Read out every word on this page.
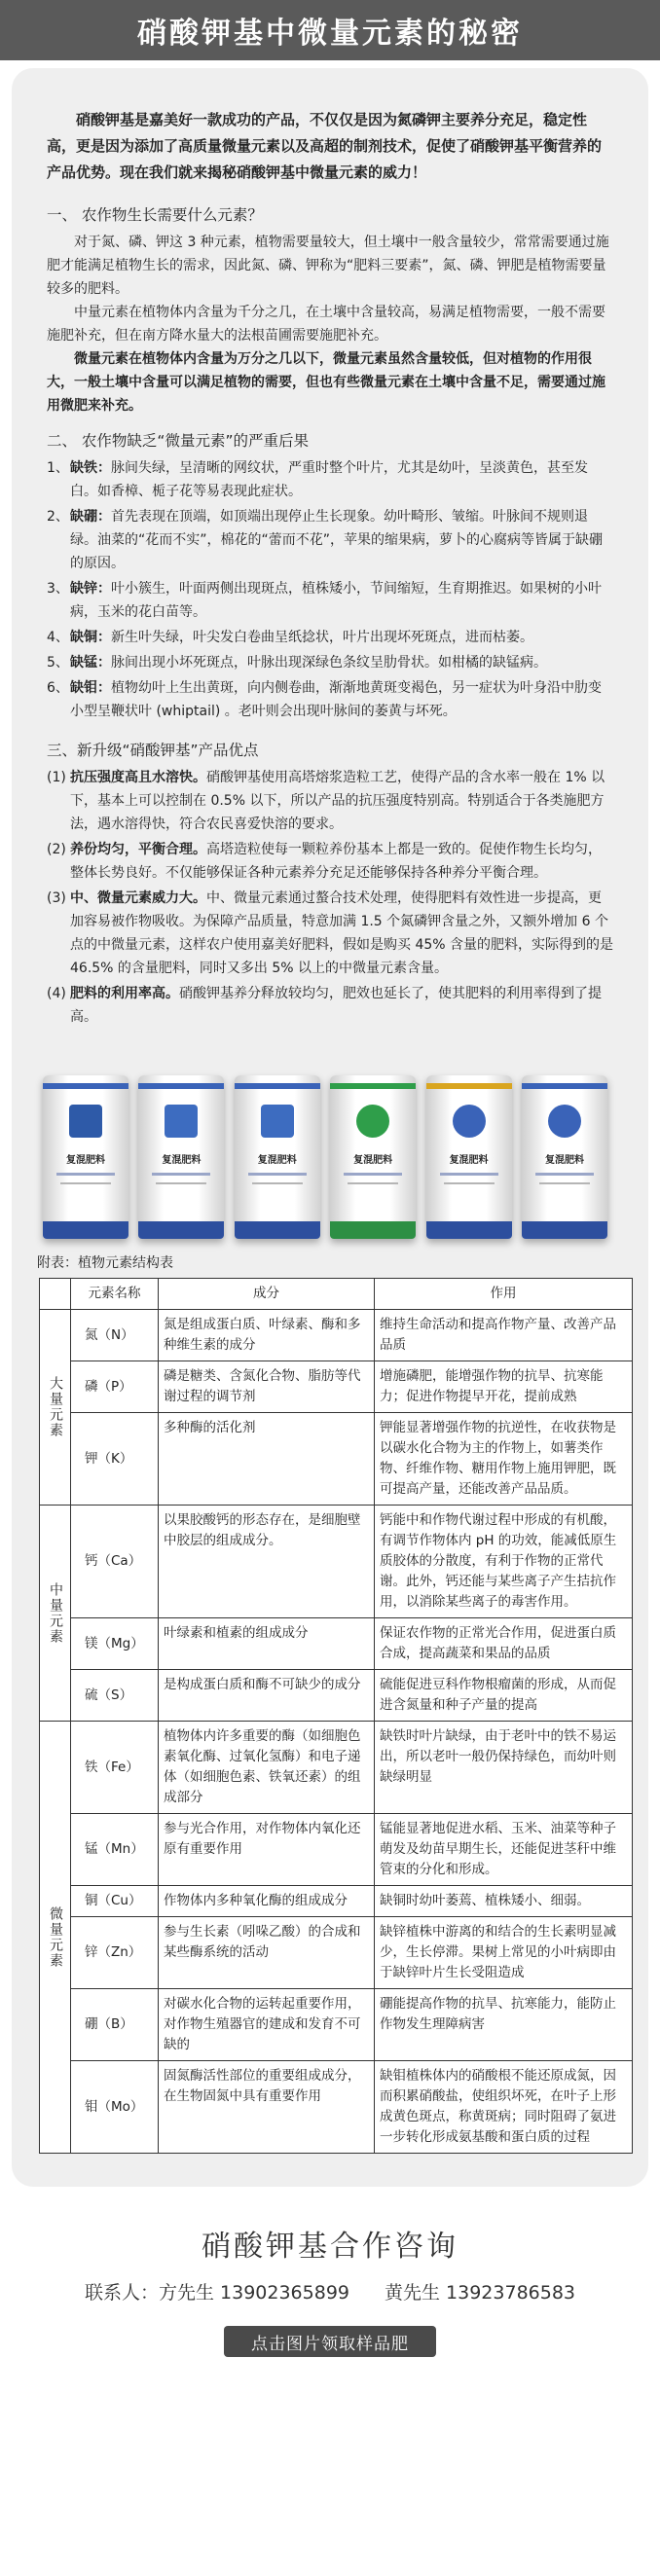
硝酸钾基中微量元素的秘密

硝酸钾基是嘉美好一款成功的产品，不仅仅是因为氮磷钾主要养分充足，稳定性高，更是因为添加了高质量微量元素以及高超的制剂技术，促使了硝酸钾基平衡营养的产品优势。现在我们就来揭秘硝酸钾基中微量元素的威力！

一、 农作物生长需要什么元素？

对于氮、磷、钾这 3 种元素，植物需要量较大，但土壤中一般含量较少，常常需要通过施肥才能满足植物生长的需求，因此氮、磷、钾称为“肥料三要素”，氮、磷、钾肥是植物需要量较多的肥料。

中量元素在植物体内含量为千分之几，在土壤中含量较高，易满足植物需要，一般不需要施肥补充，但在南方降水量大的法根苗圃需要施肥补充。

微量元素在植物体内含量为万分之几以下，微量元素虽然含量较低，但对植物的作用很大，一般土壤中含量可以满足植物的需要，但也有些微量元素在土壤中含量不足，需要通过施用微肥来补充。

二、 农作物缺乏“微量元素”的严重后果
1、 缺铁：脉间失绿，呈清晰的网纹状，严重时整个叶片，尤其是幼叶，呈淡黄色，甚至发白。如香樟、栀子花等易表现此症状。
2、 缺硼：首先表现在顶端，如顶端出现停止生长现象。幼叶畸形、皱缩。叶脉间不规则退绿。油菜的“花而不实”，棉花的“蕾而不花”，苹果的缩果病，萝卜的心腐病等皆属于缺硼的原因。
3、 缺锌：叶小簇生，叶面两侧出现斑点，植株矮小，节间缩短，生育期推迟。如果树的小叶病，玉米的花白苗等。
4、 缺铜：新生叶失绿，叶尖发白卷曲呈纸捻状，叶片出现坏死斑点，进而枯萎。
5、 缺锰：脉间出现小坏死斑点，叶脉出现深绿色条纹呈肋骨状。如柑橘的缺锰病。
6、 缺钼：植物幼叶上生出黄斑，向内侧卷曲，渐渐地黄斑变褐色，另一症状为叶身沿中肋变小型呈鞭状叶 (whiptail) 。老叶则会出现叶脉间的萎黄与坏死。
三、新升级“硝酸钾基”产品优点
(1) 抗压强度高且水溶快。硝酸钾基使用高塔熔浆造粒工艺，使得产品的含水率一般在 1% 以下，基本上可以控制在 0.5% 以下，所以产品的抗压强度特别高。特别适合于各类施肥方法，遇水溶得快，符合农民喜爱快溶的要求。
(2) 养份均匀，平衡合理。高塔造粒使每一颗粒养份基本上都是一致的。促使作物生长均匀，整体长势良好。不仅能够保证各种元素养分充足还能够保持各种养分平衡合理。
(3) 中、微量元素威力大。中、微量元素通过螯合技术处理，使得肥料有效性进一步提高，更加容易被作物吸收。为保障产品质量，特意加满 1.5 个氮磷钾含量之外，又额外增加 6 个点的中微量元素，这样农户使用嘉美好肥料，假如是购买 45% 含量的肥料，实际得到的是 46.5% 的含量肥料，同时又多出 5% 以上的中微量元素含量。
(4) 肥料的利用率高。硝酸钾基养分释放较均匀，肥效也延长了，使其肥料的利用率得到了提高。
复混肥料	复混肥料	复混肥料	复混肥料	复混肥料	复混肥料
附表：植物元素结构表
	元素名称	成分	作用
大量元素	氮（N）	氮是组成蛋白质、叶绿素、酶和多种维生素的成分	维持生命活动和提高作物产量、改善产品品质
	磷（P）	磷是糖类、含氮化合物、脂肪等代谢过程的调节剂	增施磷肥，能增强作物的抗旱、抗寒能力；促进作物提早开花，提前成熟
	钾（K）	多种酶的活化剂	钾能显著增强作物的抗逆性，在收获物是以碳水化合物为主的作物上，如薯类作物、纤维作物、糖用作物上施用钾肥，既可提高产量，还能改善产品品质。
中量元素	钙（Ca）	以果胶酸钙的形态存在，是细胞壁中胶层的组成成分。	钙能中和作物代谢过程中形成的有机酸，有调节作物体内 pH 的功效，能减低原生质胶体的分散度，有利于作物的正常代谢。此外，钙还能与某些离子产生拮抗作用，以消除某些离子的毒害作用。
	镁（Mg）	叶绿素和植素的组成成分	保证农作物的正常光合作用，促进蛋白质合成，提高蔬菜和果品的品质
	硫（S）	是构成蛋白质和酶不可缺少的成分	硫能促进豆科作物根瘤菌的形成，从而促进含氮量和种子产量的提高
微量元素	铁（Fe）	植物体内许多重要的酶（如细胞色素氧化酶、过氧化氢酶）和电子递体（如细胞色素、铁氧还素）的组成部分	缺铁时叶片缺绿，由于老叶中的铁不易运出，所以老叶一般仍保持绿色，而幼叶则缺绿明显
	锰（Mn）	参与光合作用，对作物体内氧化还原有重要作用	锰能显著地促进水稻、玉米、油菜等种子萌发及幼苗早期生长，还能促进茎秆中维管束的分化和形成。
	铜（Cu）	作物体内多种氧化酶的组成成分	缺铜时幼叶萎蔫、植株矮小、细弱。
	锌（Zn）	参与生长素（吲哚乙酸）的合成和某些酶系统的活动	缺锌植株中游离的和结合的生长素明显减少，生长停滞。果树上常见的小叶病即由于缺锌叶片生长受阻造成
	硼（B）	对碳水化合物的运转起重要作用，对作物生殖器官的建成和发育不可缺的	硼能提高作物的抗旱、抗寒能力，能防止作物发生理障病害
	钼（Mo）	固氮酶活性部位的重要组成成分，在生物固氮中具有重要作用	缺钼植株体内的硝酸根不能还原成氮，因而积累硝酸盐，使组织坏死，在叶子上形成黄色斑点，称黄斑病；同时阻碍了氨进一步转化形成氨基酸和蛋白质的过程
硝酸钾基合作咨询
联系人：方先生 13902365899 黄先生 13923786583
点击图片领取样品肥
